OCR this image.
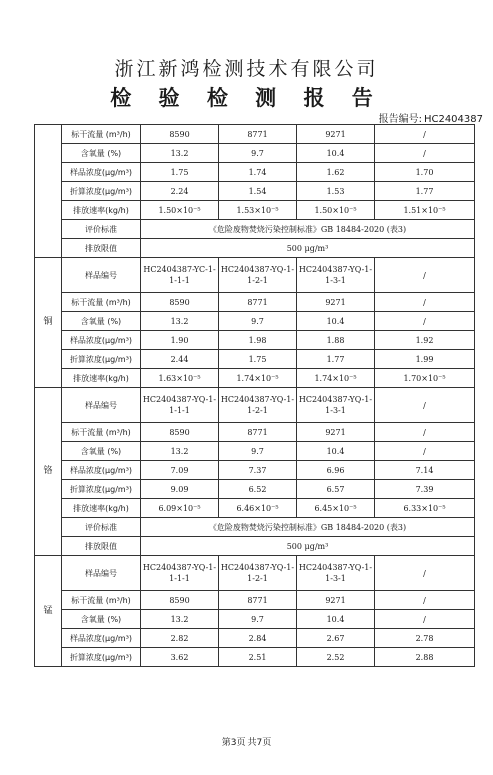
浙江新鸿检测技术有限公司
检 验 检 测 报 告
报告编号: HC2404387
	标干流量 (m³/h)	8590	8771	9271	/
	含氧量 (%)	13.2	9.7	10.4	/
	样品浓度(μg/m³)	1.75	1.74	1.62	1.70
	折算浓度(μg/m³)	2.24	1.54	1.53	1.77
	排放速率(kg/h)	1.50×10⁻⁵	1.53×10⁻⁵	1.50×10⁻⁵	1.51×10⁻⁵
	评价标准	《危险废物焚烧污染控制标准》GB 18484-2020 (表3)			
	排放限值	500 μg/m³			
铜	样品编号	HC2404387-YC-1-1-1-1	HC2404387-YQ-1-1-2-1	HC2404387-YQ-1-1-3-1	/
	标干流量 (m³/h)	8590	8771	9271	/
	含氧量 (%)	13.2	9.7	10.4	/
	样品浓度(μg/m³)	1.90	1.98	1.88	1.92
	折算浓度(μg/m³)	2.44	1.75	1.77	1.99
	排放速率(kg/h)	1.63×10⁻⁵	1.74×10⁻⁵	1.74×10⁻⁵	1.70×10⁻⁵
铬	样品编号	HC2404387-YQ-1-1-1-1	HC2404387-YQ-1-1-2-1	HC2404387-YQ-1-1-3-1	/
	标干流量 (m³/h)	8590	8771	9271	/
	含氧量 (%)	13.2	9.7	10.4	/
	样品浓度(μg/m³)	7.09	7.37	6.96	7.14
	折算浓度(μg/m³)	9.09	6.52	6.57	7.39
	排放速率(kg/h)	6.09×10⁻⁵	6.46×10⁻⁵	6.45×10⁻⁵	6.33×10⁻⁵
	评价标准	《危险废物焚烧污染控制标准》GB 18484-2020 (表3)			
	排放限值	500 μg/m³			
锰	样品编号	HC2404387-YQ-1-1-1-1	HC2404387-YQ-1-1-2-1	HC2404387-YQ-1-1-3-1	/
	标干流量 (m³/h)	8590	8771	9271	/
	含氧量 (%)	13.2	9.7	10.4	/
	样品浓度(μg/m³)	2.82	2.84	2.67	2.78
	折算浓度(μg/m³)	3.62	2.51	2.52	2.88
第3页 共7页
